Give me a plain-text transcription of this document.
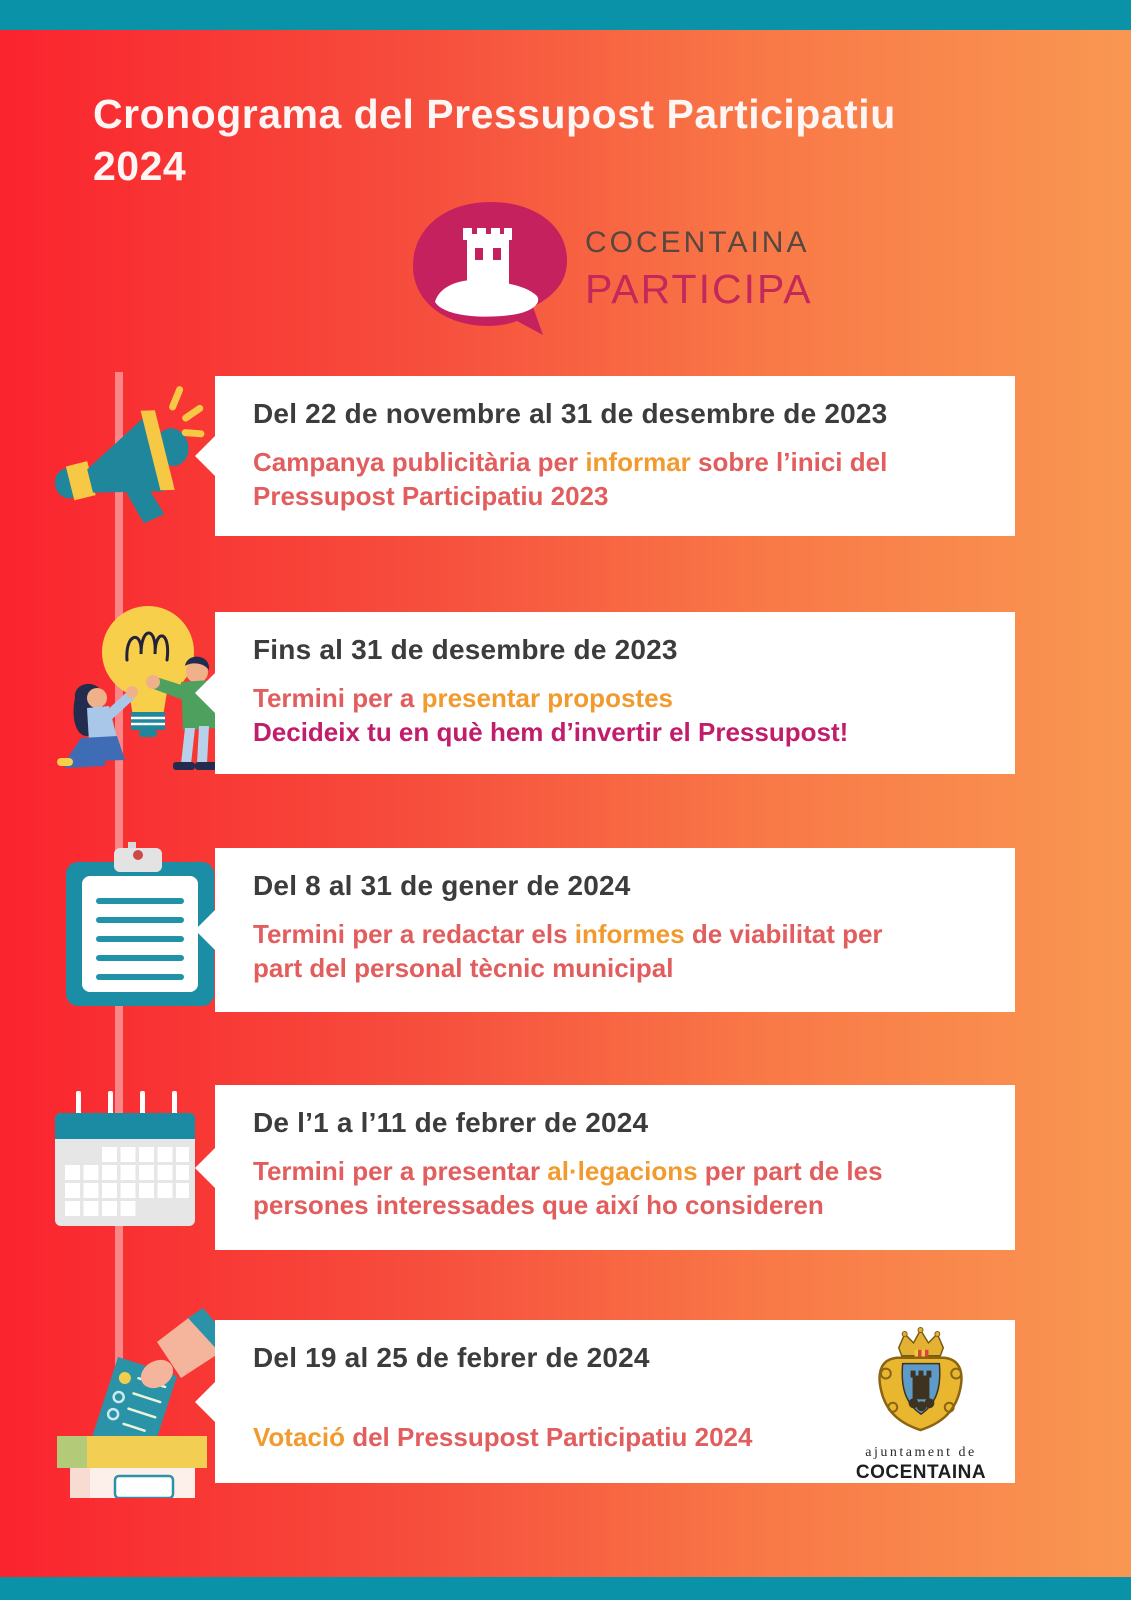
Cronograma del Pressupost Participatiu
2024
COCENTAINA
PARTICIPA
Del 22 de novembre al 31 de desembre de 2023

Campanya publicitària per informar sobre l’inici del
Pressupost Participatiu 2023

Fins al 31 de desembre de 2023

Termini per a presentar propostes
Decideix tu en què hem d’invertir el Pressupost!

Del 8 al 31 de gener de 2024

Termini per a redactar els informes de viabilitat per
part del personal tècnic municipal

De l’1 a l’11 de febrer de 2024

Termini per a presentar al·legacions per part de les
persones interessades que així ho consideren

Del 19 al 25 de febrer de 2024

Votació del Pressupost Participatiu 2024

ajuntament de
COCENTAINA
